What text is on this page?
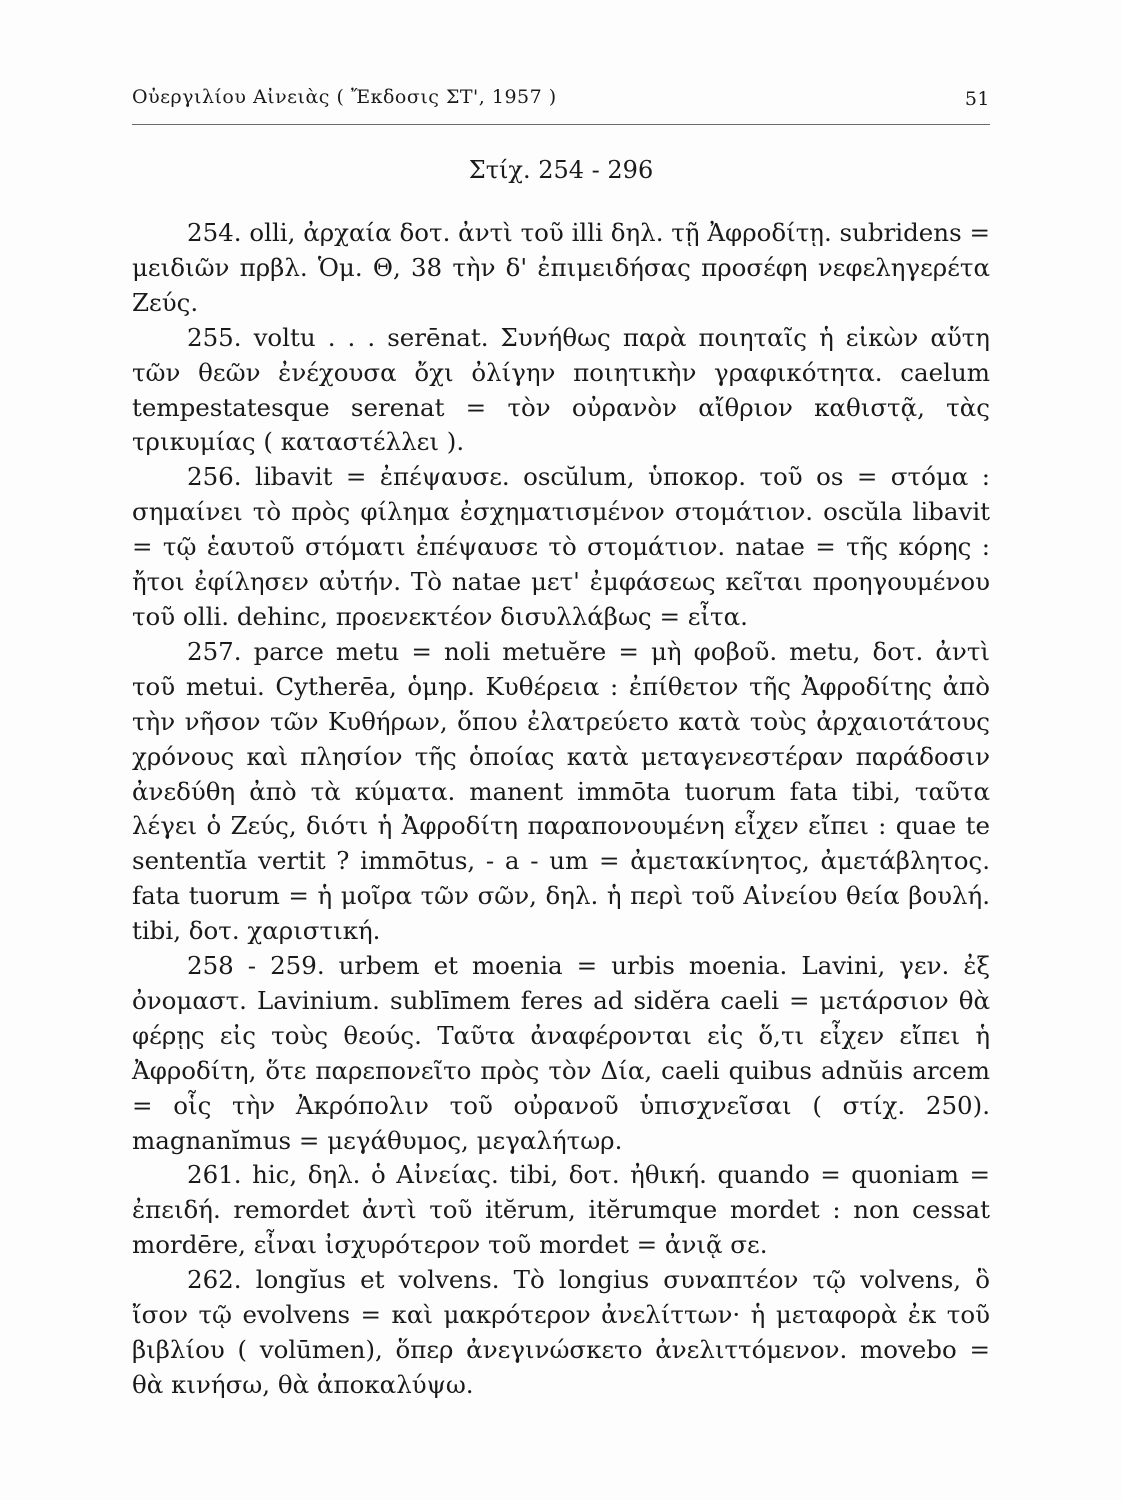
Οὐεργιλίου Αἰνειὰς ( Ἔκδοσις ΣΤ', 1957 )	51
Στίχ. 254 - 296

254. olli, ἀρχαία δοτ. ἀντὶ τοῦ illi δηλ. τῇ Ἀφροδίτῃ. subridens = μειδιῶν πρβλ. Ὁμ. Θ, 38 τὴν δ' ἐπιμειδήσας προσέφη νεφεληγερέτα Ζεύς.

255. voltu . . . serēnat. Συνήθως παρὰ ποιηταῖς ἡ εἰκὼν αὕτη τῶν θεῶν ἐνέχουσα ὄχι ὀλίγην ποιητικὴν γραφικότητα. caelum tempestatesque serenat = τὸν οὐρανὸν αἴθριον καθιστᾷ, τὰς τρικυμίας ( καταστέλλει ).

256. libavit = ἐπέψαυσε. oscŭlum, ὑποκορ. τοῦ os = στόμα : σημαίνει τὸ πρὸς φίλημα ἐσχηματισμένον στομάτιον. oscŭla libavit = τῷ ἑαυτοῦ στόματι ἐπέψαυσε τὸ στομάτιον. natae = τῆς κόρης : ἤτοι ἐφίλησεν αὐτήν. Τὸ natae μετ' ἐμφάσεως κεῖται προηγουμένου τοῦ olli. dehinc, προενεκτέον δισυλλάβως = εἶτα.

257. parce metu = noli metuĕre = μὴ φοβοῦ. metu, δοτ. ἀντὶ τοῦ metui. Cytherēa, ὁμηρ. Κυθέρεια : ἐπίθετον τῆς Ἀφροδίτης ἀπὸ τὴν νῆσον τῶν Κυθήρων, ὅπου ἐλατρεύετο κατὰ τοὺς ἀρχαιοτάτους χρόνους καὶ πλησίον τῆς ὁποίας κατὰ μεταγενεστέραν παράδοσιν ἀνεδύθη ἀπὸ τὰ κύματα. manent immōta tuorum fata tibi, ταῦτα λέγει ὁ Ζεύς, διότι ἡ Ἀφροδίτη παραπονουμένη εἶχεν εἴπει : quae te sententĭa vertit ? immōtus, - a - um = ἀμετακίνητος, ἀμετάβλητος. fata tuorum = ἡ μοῖρα τῶν σῶν, δηλ. ἡ περὶ τοῦ Αἰνείου θεία βουλή. tibi, δοτ. χαριστική.

258 - 259. urbem et moenia = urbis moenia. Lavini, γεν. ἐξ ὀνομαστ. Lavinium. sublīmem feres ad sidĕra caeli = μετάρσιον θὰ φέρῃς εἰς τοὺς θεούς. Ταῦτα ἀναφέρονται εἰς ὅ,τι εἶχεν εἴπει ἡ Ἀφροδίτη, ὅτε παρεπονεῖτο πρὸς τὸν Δία, caeli quibus adnŭis arcem = οἷς τὴν Ἀκρόπολιν τοῦ οὐρανοῦ ὑπισχνεῖσαι ( στίχ. 250). magnanĭmus = μεγάθυμος, μεγαλήτωρ.

261. hic, δηλ. ὁ Αἰνείας. tibi, δοτ. ἠθική. quando = quoniam = ἐπειδή. remordet ἀντὶ τοῦ itĕrum, itĕrumque mordet : non cessat mordēre, εἶναι ἰσχυρότερον τοῦ mordet = ἀνιᾷ σε.

262. longĭus et volvens. Τὸ longius συναπτέον τῷ volvens, ὃ ἴσον τῷ evolvens = καὶ μακρότερον ἀνελίττων· ἡ μεταφορὰ ἐκ τοῦ βιβλίου ( volūmen), ὅπερ ἀνεγινώσκετο ἀνελιττόμενον. movebo = θὰ κινήσω, θὰ ἀποκαλύψω.
